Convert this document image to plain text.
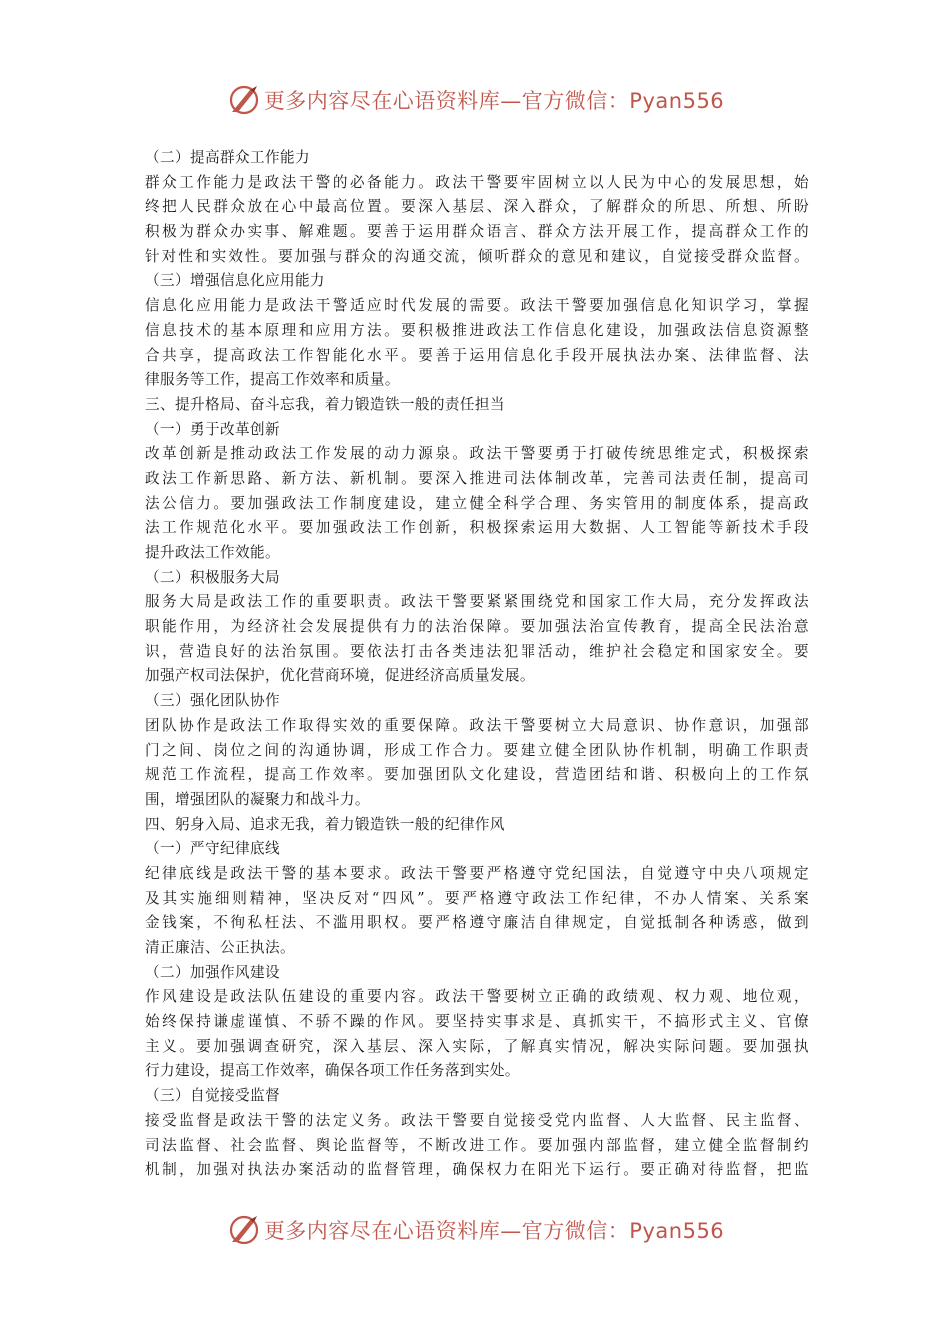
更多内容尽在心语资料库—官方微信：Pyan556
（二）提高群众工作能力
群众工作能力是政法干警的必备能力。政法干警要牢固树立以人民为中心的发展思想，始
终把人民群众放在心中最高位置。要深入基层、深入群众，了解群众的所思、所想、所盼
积极为群众办实事、解难题。要善于运用群众语言、群众方法开展工作，提高群众工作的
针对性和实效性。要加强与群众的沟通交流，倾听群众的意见和建议，自觉接受群众监督。
（三）增强信息化应用能力
信息化应用能力是政法干警适应时代发展的需要。政法干警要加强信息化知识学习，掌握
信息技术的基本原理和应用方法。要积极推进政法工作信息化建设，加强政法信息资源整
合共享，提高政法工作智能化水平。要善于运用信息化手段开展执法办案、法律监督、法
律服务等工作，提高工作效率和质量。
三、提升格局、奋斗忘我，着力锻造铁一般的责任担当
（一）勇于改革创新
改革创新是推动政法工作发展的动力源泉。政法干警要勇于打破传统思维定式，积极探索
政法工作新思路、新方法、新机制。要深入推进司法体制改革，完善司法责任制，提高司
法公信力。要加强政法工作制度建设，建立健全科学合理、务实管用的制度体系，提高政
法工作规范化水平。要加强政法工作创新，积极探索运用大数据、人工智能等新技术手段
提升政法工作效能。
（二）积极服务大局
服务大局是政法工作的重要职责。政法干警要紧紧围绕党和国家工作大局，充分发挥政法
职能作用，为经济社会发展提供有力的法治保障。要加强法治宣传教育，提高全民法治意
识，营造良好的法治氛围。要依法打击各类违法犯罪活动，维护社会稳定和国家安全。要
加强产权司法保护，优化营商环境，促进经济高质量发展。
（三）强化团队协作
团队协作是政法工作取得实效的重要保障。政法干警要树立大局意识、协作意识，加强部
门之间、岗位之间的沟通协调，形成工作合力。要建立健全团队协作机制，明确工作职责
规范工作流程，提高工作效率。要加强团队文化建设，营造团结和谐、积极向上的工作氛
围，增强团队的凝聚力和战斗力。
四、躬身入局、追求无我，着力锻造铁一般的纪律作风
（一）严守纪律底线
纪律底线是政法干警的基本要求。政法干警要严格遵守党纪国法，自觉遵守中央八项规定
及其实施细则精神，坚决反对“四风”。要严格遵守政法工作纪律，不办人情案、关系案
金钱案，不徇私枉法、不滥用职权。要严格遵守廉洁自律规定，自觉抵制各种诱惑，做到
清正廉洁、公正执法。
（二）加强作风建设
作风建设是政法队伍建设的重要内容。政法干警要树立正确的政绩观、权力观、地位观，
始终保持谦虚谨慎、不骄不躁的作风。要坚持实事求是、真抓实干，不搞形式主义、官僚
主义。要加强调查研究，深入基层、深入实际，了解真实情况，解决实际问题。要加强执
行力建设，提高工作效率，确保各项工作任务落到实处。
（三）自觉接受监督
接受监督是政法干警的法定义务。政法干警要自觉接受党内监督、人大监督、民主监督、
司法监督、社会监督、舆论监督等，不断改进工作。要加强内部监督，建立健全监督制约
机制，加强对执法办案活动的监督管理，确保权力在阳光下运行。要正确对待监督，把监
更多内容尽在心语资料库—官方微信：Pyan556
